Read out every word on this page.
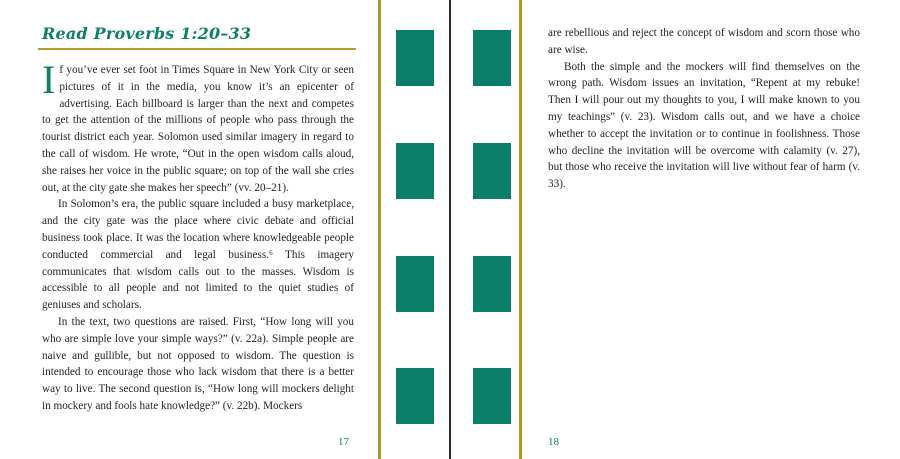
Read Proverbs 1:20–33

If you’ve ever set foot in Times Square in New York City or seen pictures of it in the media, you know it’s an epicenter of advertising. Each billboard is larger than the next and competes to get the attention of the millions of people who pass through the tourist district each year. Solomon used similar imagery in regard to the call of wisdom. He wrote, “Out in the open wisdom calls aloud, she raises her voice in the public square; on top of the wall she cries out, at the city gate she makes her speech” (vv. 20–21).

In Solomon’s era, the public square included a busy marketplace, and the city gate was the place where civic debate and official business took place. It was the location where knowledgeable people conducted commercial and legal business.⁶ This imagery communicates that wisdom calls out to the masses. Wisdom is accessible to all people and not limited to the quiet studies of geniuses and scholars.

In the text, two questions are raised. First, “How long will you who are simple love your simple ways?” (v. 22a). Simple people are naive and gullible, but not opposed to wisdom. The question is intended to encourage those who lack wisdom that there is a better way to live. The second question is, “How long will mockers delight in mockery and fools hate knowledge?” (v. 22b). Mockers

17

are rebellious and reject the concept of wisdom and scorn those who are wise.

Both the simple and the mockers will find themselves on the wrong path. Wisdom issues an invitation, “Repent at my rebuke! Then I will pour out my thoughts to you, I will make known to you my teachings” (v. 23). Wisdom calls out, and we have a choice whether to accept the invitation or to continue in foolishness. Those who decline the invitation will be overcome with calamity (v. 27), but those who receive the invitation will live without fear of harm (v. 33).

18
